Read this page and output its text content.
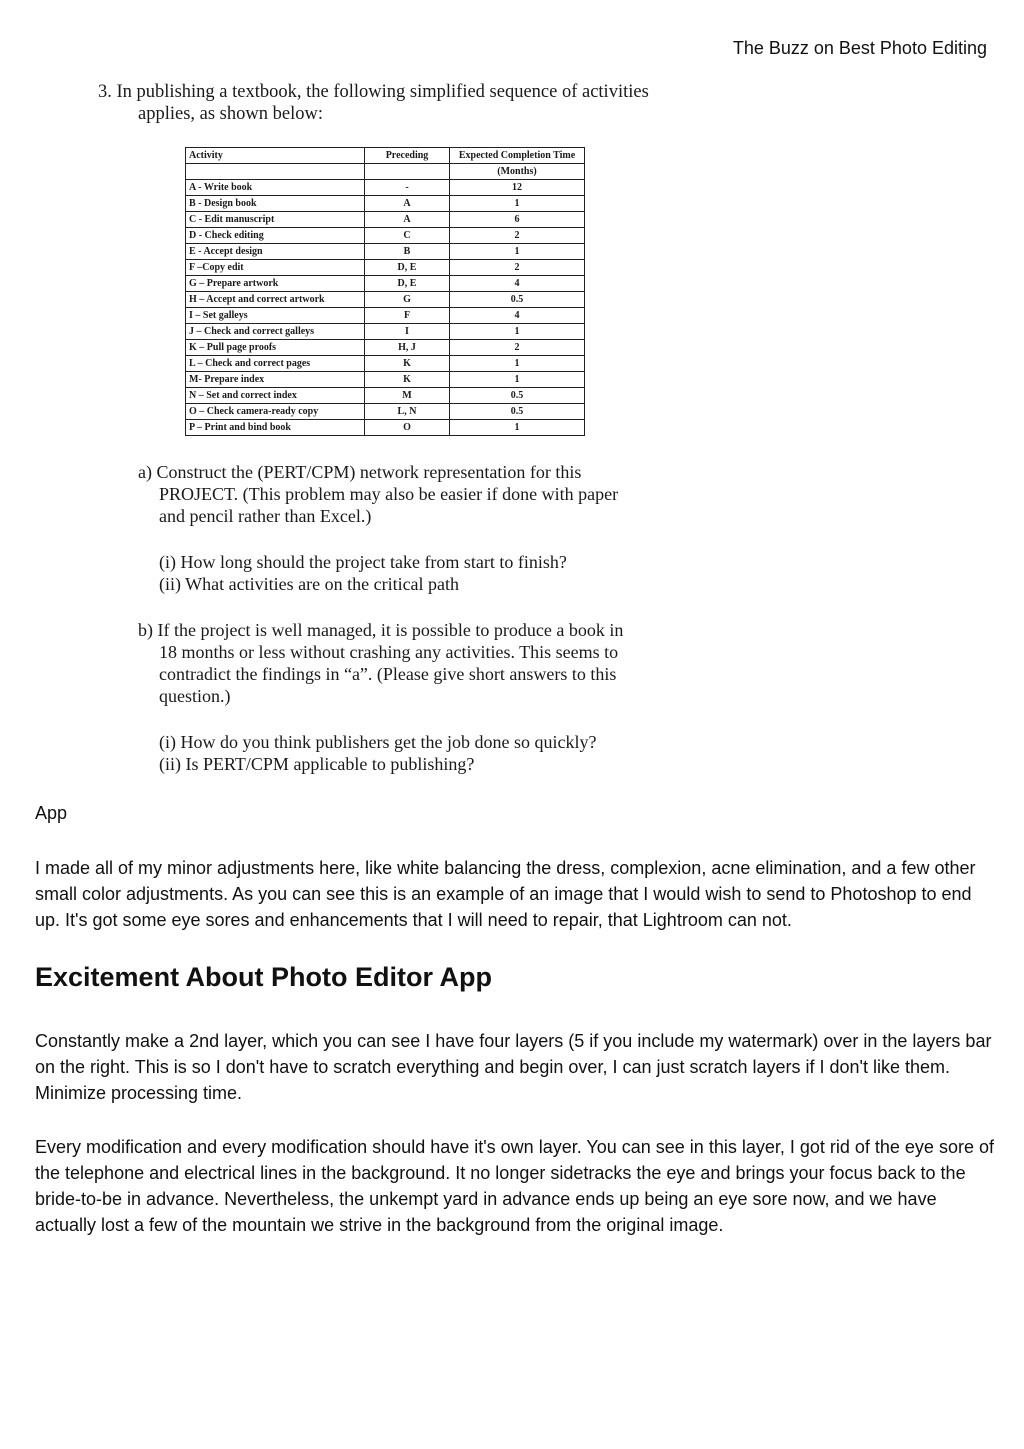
The Buzz on Best Photo Editing
3. In publishing a textbook, the following simplified sequence of activities
applies, as shown below:
Activity	Preceding	Expected Completion Time
		(Months)
A - Write book	-	12
B - Design book	A	1
C - Edit manuscript	A	6
D - Check editing	C	2
E - Accept design	B	1
F –Copy edit	D, E	2
G – Prepare artwork	D, E	4
H – Accept and correct artwork	G	0.5
I – Set galleys	F	4
J – Check and correct galleys	I	1
K – Pull page proofs	H, J	2
L – Check and correct pages	K	1
M- Prepare index	K	1
N – Set and correct index	M	0.5
O – Check camera-ready copy	L, N	0.5
P – Print and bind book	O	1

a) Construct the (PERT/CPM) network representation for this

PROJECT. (This problem may also be easier if done with paper

and pencil rather than Excel.)

(i) How long should the project take from start to finish?

(ii) What activities are on the critical path

b) If the project is well managed, it is possible to produce a book in

18 months or less without crashing any activities. This seems to

contradict the findings in “a”. (Please give short answers to this

question.)

(i) How do you think publishers get the job done so quickly?

(ii) Is PERT/CPM applicable to publishing?

App

I made all of my minor adjustments here, like white balancing the dress, complexion, acne elimination, and a few other small color adjustments. As you can see this is an example of an image that I would wish to send to Photoshop to end up. It's got some eye sores and enhancements that I will need to repair, that Lightroom can not.

Excitement About Photo Editor App

Constantly make a 2nd layer, which you can see I have four layers (5 if you include my watermark) over in the layers bar on the right. This is so I don't have to scratch everything and begin over, I can just scratch layers if I don't like them. Minimize processing time.

Every modification and every modification should have it's own layer. You can see in this layer, I got rid of the eye sore of the telephone and electrical lines in the background. It no longer sidetracks the eye and brings your focus back to the bride-to-be in advance. Nevertheless, the unkempt yard in advance ends up being an eye sore now, and we have actually lost a few of the mountain we strive in the background from the original image.
